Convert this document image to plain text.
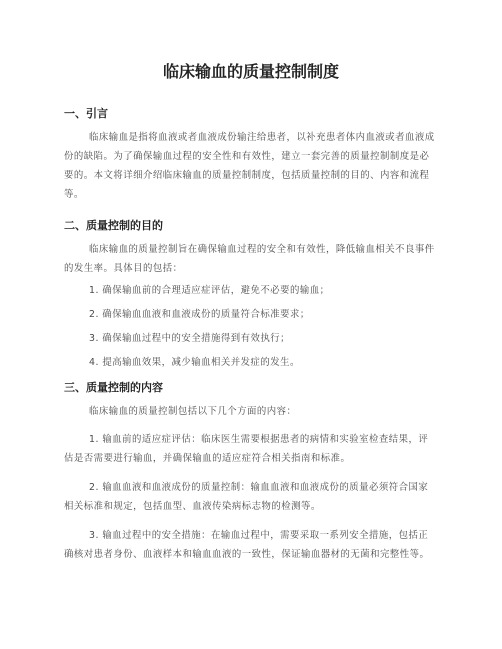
临床输血的质量控制制度
一、引言

临床输血是指将血液或者血液成份输注给患者，以补充患者体内血液或者血液成份的缺陷。为了确保输血过程的安全性和有效性，建立一套完善的质量控制制度是必要的。本文将详细介绍临床输血的质量控制制度，包括质量控制的目的、内容和流程等。

二、质量控制的目的

临床输血的质量控制旨在确保输血过程的安全和有效性，降低输血相关不良事件的发生率。具体目的包括：

1. 确保输血前的合理适应症评估，避免不必要的输血；

2. 确保输血血液和血液成份的质量符合标准要求；

3. 确保输血过程中的安全措施得到有效执行；

4. 提高输血效果，减少输血相关并发症的发生。

三、质量控制的内容

临床输血的质量控制包括以下几个方面的内容：

1. 输血前的适应症评估：临床医生需要根据患者的病情和实验室检查结果，评估是否需要进行输血，并确保输血的适应症符合相关指南和标准。

2. 输血血液和血液成份的质量控制：输血血液和血液成份的质量必须符合国家相关标准和规定，包括血型、血液传染病标志物的检测等。

3. 输血过程中的安全措施：在输血过程中，需要采取一系列安全措施，包括正确核对患者身份、血液样本和输血血液的一致性，保证输血器材的无菌和完整性等。
